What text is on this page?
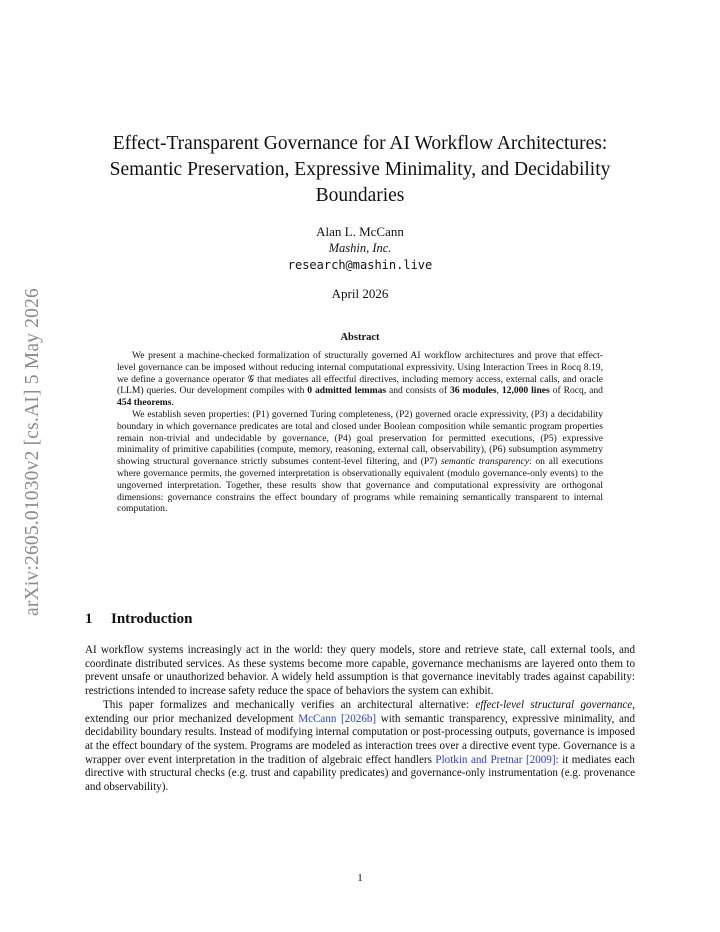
arXiv:2605.01030v2 [cs.AI] 5 May 2026
Effect-Transparent Governance for AI Workflow Architectures:
Semantic Preservation, Expressive Minimality, and Decidability
Boundaries
Alan L. McCann
Mashin, Inc.
research@mashin.live
April 2026
Abstract

We present a machine-checked formalization of structurally governed AI workflow architectures and prove that effect-level governance can be imposed without reducing internal computational expressivity. Using Interaction Trees in Rocq 8.19, we define a governance operator 𝒢 that mediates all effectful directives, including memory access, external calls, and oracle (LLM) queries. Our development compiles with 0 admitted lemmas and consists of 36 modules, 12,000 lines of Rocq, and 454 theorems.

We establish seven properties: (P1) governed Turing completeness, (P2) governed oracle expressivity, (P3) a decidability boundary in which governance predicates are total and closed under Boolean composition while semantic program properties remain non-trivial and undecidable by governance, (P4) goal preservation for permitted executions, (P5) expressive minimality of primitive capabilities (compute, memory, reasoning, external call, observability), (P6) subsumption asymmetry showing structural governance strictly subsumes content-level filtering, and (P7) semantic transparency: on all executions where governance permits, the governed interpretation is observationally equivalent (modulo governance-only events) to the ungoverned interpretation. Together, these results show that governance and computational expressivity are orthogonal dimensions: governance constrains the effect boundary of programs while remaining semantically transparent to internal computation.

1 Introduction

AI workflow systems increasingly act in the world: they query models, store and retrieve state, call external tools, and coordinate distributed services. As these systems become more capable, governance mechanisms are layered onto them to prevent unsafe or unauthorized behavior. A widely held assumption is that governance inevitably trades against capability: restrictions intended to increase safety reduce the space of behaviors the system can exhibit.

This paper formalizes and mechanically verifies an architectural alternative: effect-level structural governance, extending our prior mechanized development McCann [2026b] with semantic transparency, expressive minimality, and decidability boundary results. Instead of modifying internal computation or post-processing outputs, governance is imposed at the effect boundary of the system. Programs are modeled as interaction trees over a directive event type. Governance is a wrapper over event interpretation in the tradition of algebraic effect handlers Plotkin and Pretnar [2009]: it mediates each directive with structural checks (e.g. trust and capability predicates) and governance-only instrumentation (e.g. provenance and observability).

1
